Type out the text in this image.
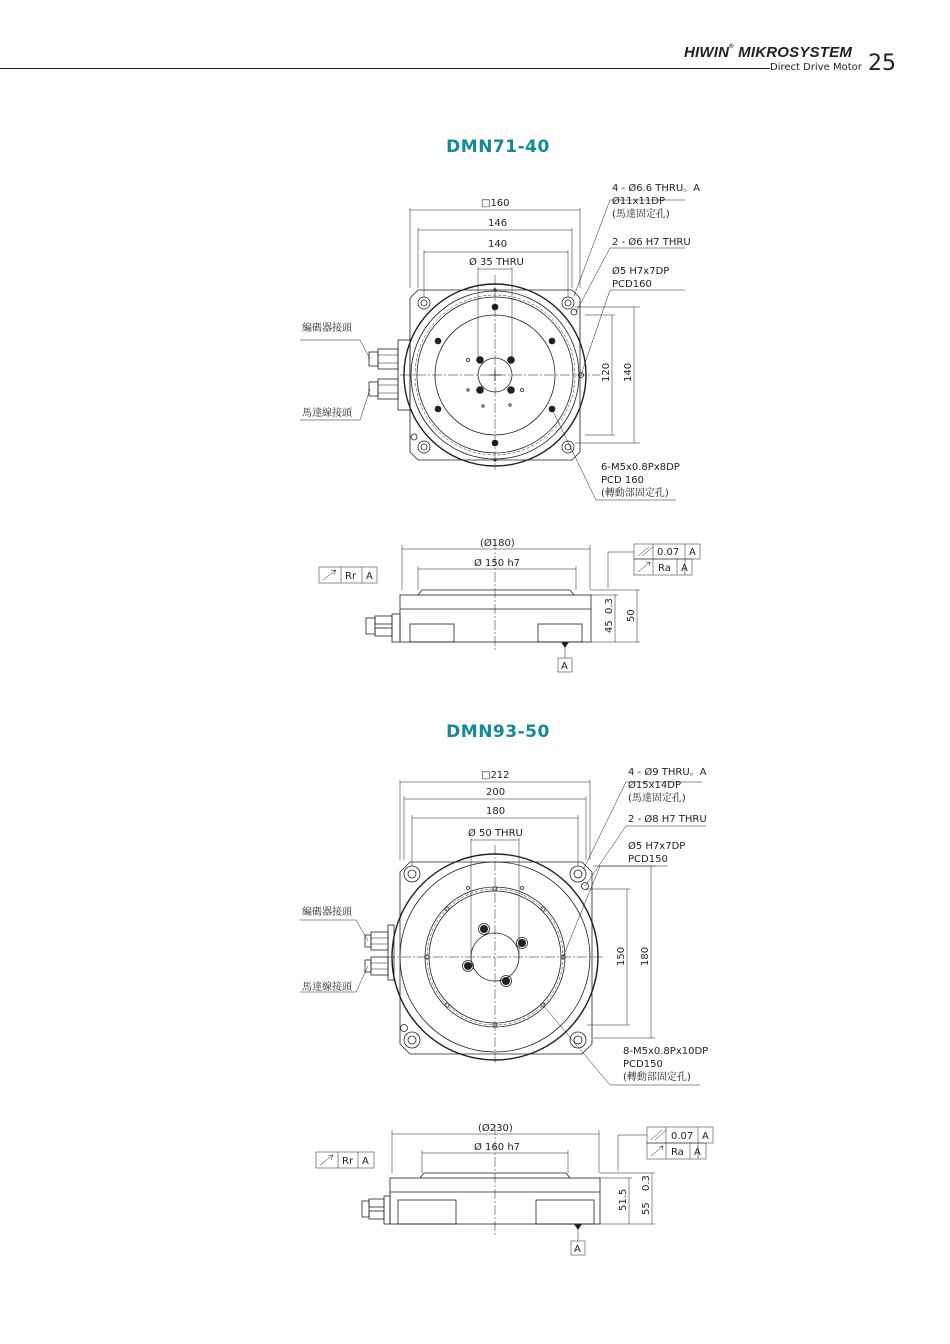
HIWIN® MIKROSYSTEM
Direct Drive Motor 25
DMN71-40
DMN93-50
□160
146
140
Ø 35 THRU
120 140
4 - Ø6.6 THRU。A
Ø11x11DP
(馬達固定孔)
2 - Ø6 H7 THRU
Ø5 H7x7DP
PCD160
6-M5x0.8Px8DP
PCD 160
(轉動部固定孔)
編碼器接頭
馬達線接頭
(Ø180)
Ø 150 h7
45
0.3
50
A
0.07 A
Ra A
Rr A
□212
200
180
Ø 50 THRU
150 180
4 - Ø9 THRU。A
Ø15x14DP
(馬達固定孔)
2 - Ø8 H7 THRU
Ø5 H7x7DP
PCD150
8-M5x0.8Px10DP
PCD150
(轉動部固定孔)
編碼器接頭
馬達線接頭
(Ø230)
Ø 160 h7
51.5
0.3
55
A
0.07 A
Ra A
Rr A
